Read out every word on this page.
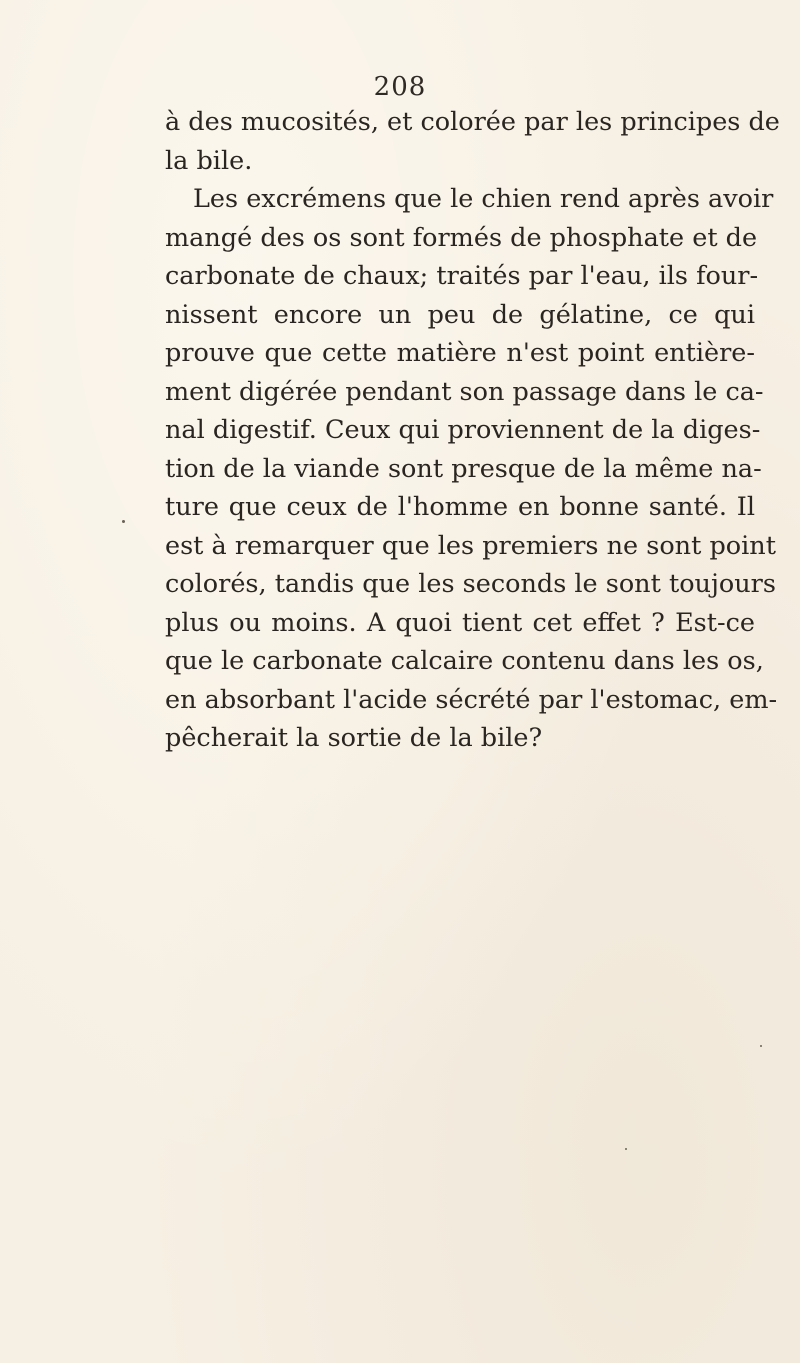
208
à des mucosités, et colorée par les principes de
la bile.
Les excrémens que le chien rend après avoir
mangé des os sont formés de phosphate et de
carbonate de chaux; traités par l'eau, ils four-
nissent encore un peu de gélatine, ce qui
prouve que cette matière n'est point entière-
ment digérée pendant son passage dans le ca-
nal digestif. Ceux qui proviennent de la diges-
tion de la viande sont presque de la même na-
ture que ceux de l'homme en bonne santé. Il
est à remarquer que les premiers ne sont point
colorés, tandis que les seconds le sont toujours
plus ou moins. A quoi tient cet effet ? Est-ce
que le carbonate calcaire contenu dans les os,
en absorbant l'acide sécrété par l'estomac, em-
pêcherait la sortie de la bile?
